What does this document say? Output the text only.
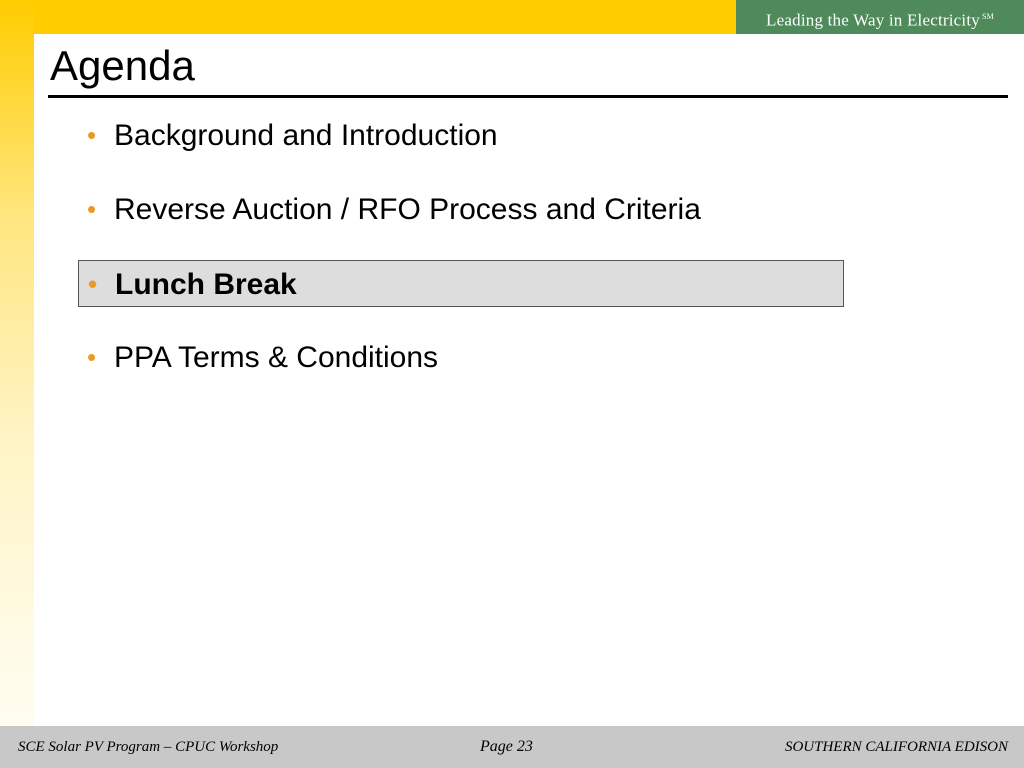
Leading the Way in Electricity ℠
Agenda
• Background and Introduction
• Reverse Auction / RFO Process and Criteria
• Lunch Break
• PPA Terms & Conditions
SCE Solar PV Program – CPUC Workshop	Page 23	SOUTHERN CALIFORNIA EDISON
